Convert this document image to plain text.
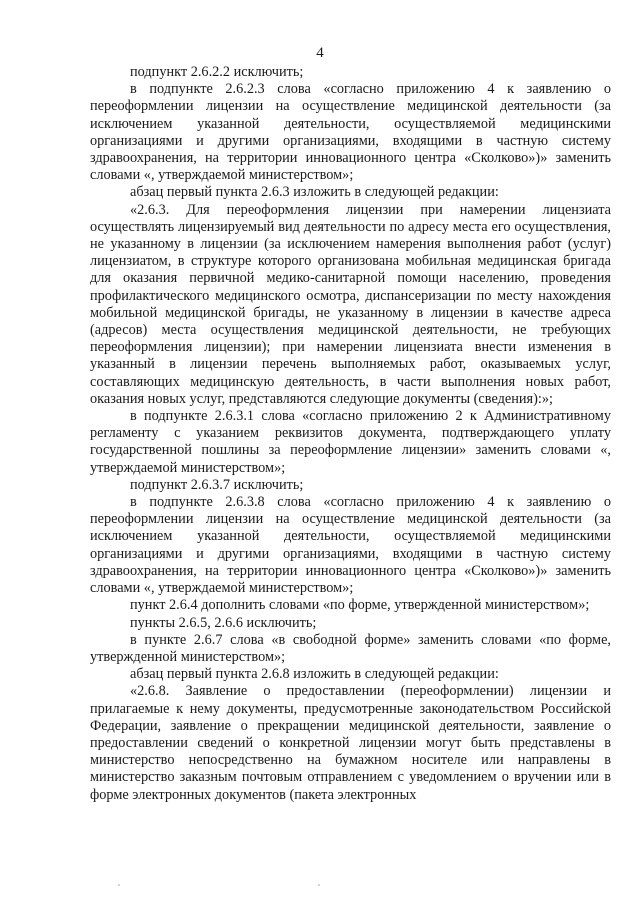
4

подпункт 2.6.2.2 исключить;

в подпункте 2.6.2.3 слова «согласно приложению 4 к заявлению о переоформлении лицензии на осуществление медицинской деятельности (за исключением указанной деятельности, осуществляемой медицинскими организациями и другими организациями, входящими в частную систему здравоохранения, на территории инновационного центра «Сколково»)» заменить словами «, утверждаемой министерством»;

абзац первый пункта 2.6.3 изложить в следующей редакции:

«2.6.3. Для переоформления лицензии при намерении лицензиата осуществлять лицензируемый вид деятельности по адресу места его осуществления, не указанному в лицензии (за исключением намерения выполнения работ (услуг) лицензиатом, в структуре которого организована мобильная медицинская бригада для оказания первичной медико-санитарной помощи населению, проведения профилактического медицинского осмотра, диспансеризации по месту нахождения мобильной медицинской бригады, не указанному в лицензии в качестве адреса (адресов) места осуществления медицинской деятельности, не требующих переоформления лицензии); при намерении лицензиата внести изменения в указанный в лицензии перечень выполняемых работ, оказываемых услуг, составляющих медицинскую деятельность, в части выполнения новых работ, оказания новых услуг, представляются следующие документы (сведения):»;

в подпункте 2.6.3.1 слова «согласно приложению 2 к Административному регламенту с указанием реквизитов документа, подтверждающего уплату государственной пошлины за переоформление лицензии» заменить словами «, утверждаемой министерством»;

подпункт 2.6.3.7 исключить;

в подпункте 2.6.3.8 слова «согласно приложению 4 к заявлению о переоформлении лицензии на осуществление медицинской деятельности (за исключением указанной деятельности, осуществляемой медицинскими организациями и другими организациями, входящими в частную систему здравоохранения, на территории инновационного центра «Сколково»)» заменить словами «, утверждаемой министерством»;

пункт 2.6.4 дополнить словами «по форме, утвержденной министерством»;

пункты 2.6.5, 2.6.6 исключить;

в пункте 2.6.7 слова «в свободной форме» заменить словами «по форме, утвержденной министерством»;

абзац первый пункта 2.6.8 изложить в следующей редакции:

«2.6.8. Заявление о предоставлении (переоформлении) лицензии и прилагаемые к нему документы, предусмотренные законодательством Российской Федерации, заявление о прекращении медицинской деятельности, заявление о предоставлении сведений о конкретной лицензии могут быть представлены в министерство непосредственно на бумажном носителе или направлены в министерство заказным почтовым отправлением с уведомлением о вручении или в форме электронных документов (пакета электронных
